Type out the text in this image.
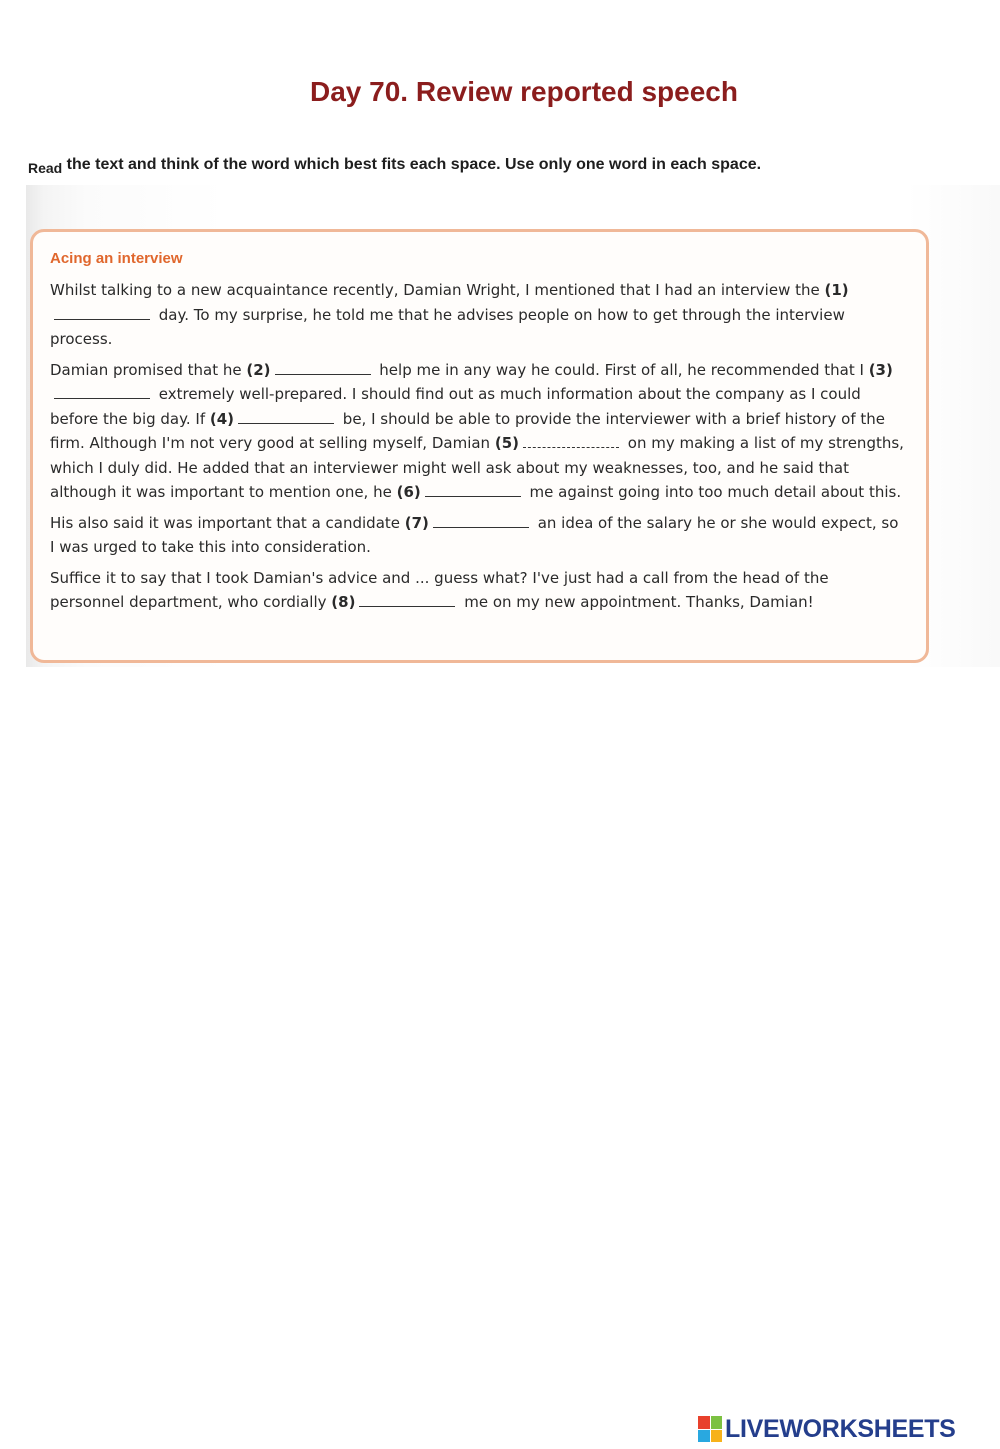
Day 70. Review reported speech
Read the text and think of the word which best fits each space. Use only one word in each space.
Acing an interview

Whilst talking to a new acquaintance recently, Damian Wright, I mentioned that I had an interview the (1) day. To my surprise, he told me that he advises people on how to get through the interview process.

Damian promised that he (2)	help me in any way he could. First of all, he recommended that I (3) extremely well-prepared. I should find out as much information about the company as I could before the big day. If (4)	be, I should be able to provide the interviewer with a brief history of the firm. Although I'm not very good at selling myself, Damian (5)	on my making a list of my strengths, which I duly did. He added that an interviewer might well ask about my weaknesses, too, and he said that although it was important to mention one, he (6)	me against going into too much detail about this.

His also said it was important that a candidate (7)	an idea of the salary he or she would expect, so I was urged to take this into consideration.

Suffice it to say that I took Damian's advice and ... guess what? I've just had a call from the head of the personnel department, who cordially (8)	me on my new appointment. Thanks, Damian!

LIVEWORKSHEETS
